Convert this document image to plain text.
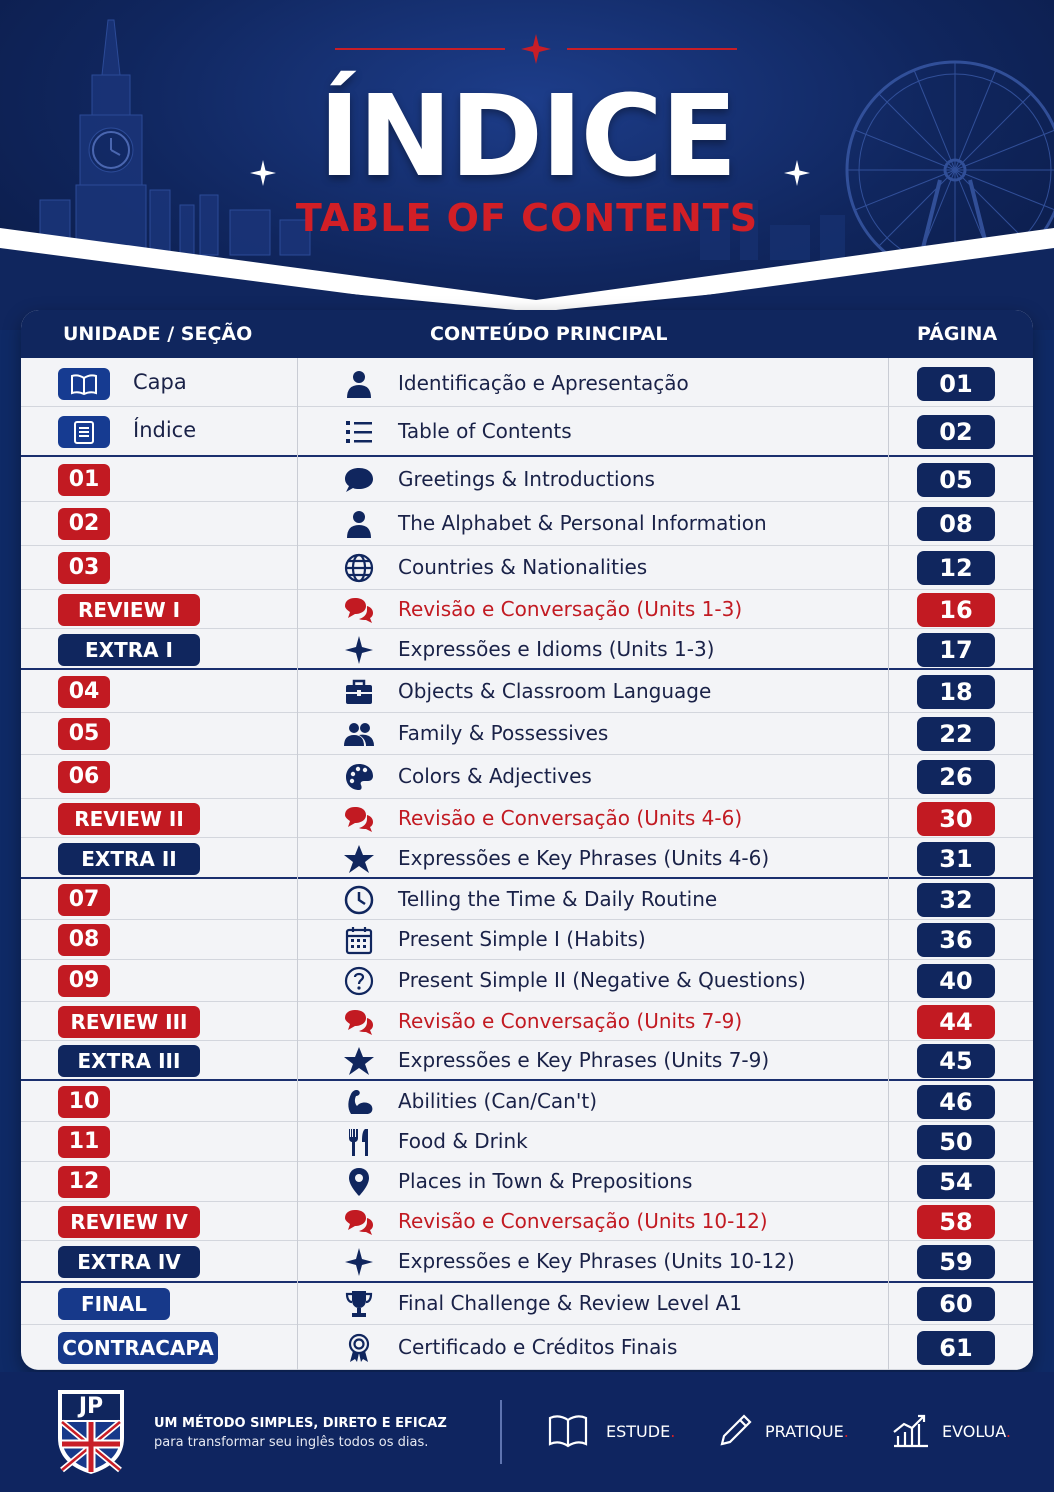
ÍNDICE
TABLE OF CONTENTS
UNIDADE / SEÇÃO	CONTEÚDO PRINCIPAL	PÁGINA
Capa	Identificação e Apresentação	01
Índice	Table of Contents	02
01	Greetings & Introductions	05
02	The Alphabet & Personal Information	08
03	Countries & Nationalities	12
REVIEW I	Revisão e Conversação (Units 1-3)	16
EXTRA I	Expressões e Idioms (Units 1-3)	17
04	Objects & Classroom Language	18
05	Family & Possessives	22
06	Colors & Adjectives	26
REVIEW II	Revisão e Conversação (Units 4-6)	30
EXTRA II	Expressões e Key Phrases (Units 4-6)	31
07	Telling the Time & Daily Routine	32
08	Present Simple I (Habits)	36
09	Present Simple II (Negative & Questions)	40
REVIEW III	Revisão e Conversação (Units 7-9)	44
EXTRA III	Expressões e Key Phrases (Units 7-9)	45
10	Abilities (Can/Can't)	46
11	Food & Drink	50
12	Places in Town & Prepositions	54
REVIEW IV	Revisão e Conversação (Units 10-12)	58
EXTRA IV	Expressões e Key Phrases (Units 10-12)	59
FINAL	Final Challenge & Review Level A1	60
CONTRACAPA	Certificado e Créditos Finais	61
JP
UM MÉTODO SIMPLES, DIRETO E EFICAZ
para transformar seu inglês todos os dias.
ESTUDE.	PRATIQUE.	EVOLUA.
